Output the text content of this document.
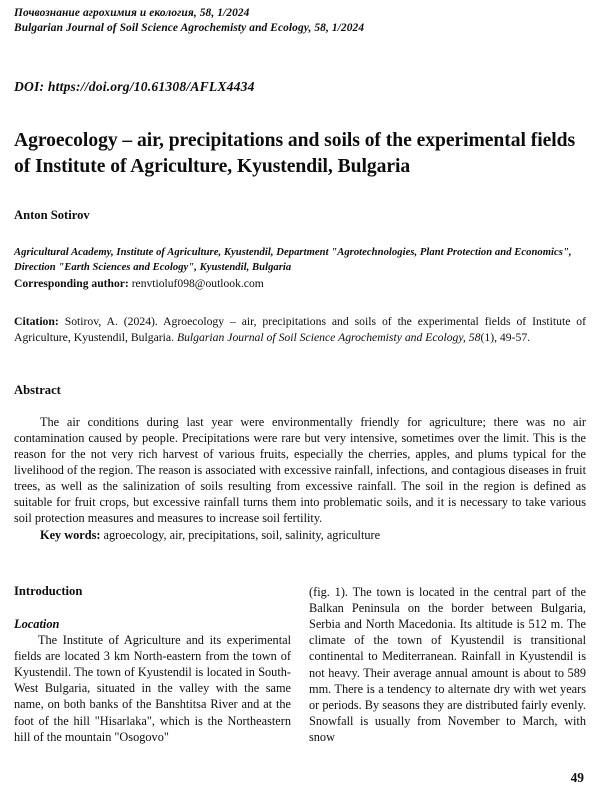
Почвознание агрохимия и екология, 58, 1/2024
Bulgarian Journal of Soil Science Agrochemisty and Ecology, 58, 1/2024
DOI: https://doi.org/10.61308/AFLX4434
Agroecology – air, precipitations and soils of the experimental fields of Institute of Agriculture, Kyustendil, Bulgaria
Anton Sotirov
Agricultural Academy, Institute of Agriculture, Kyustendil, Department "Agrotechnologies, Plant Protection and Economics", Direction "Earth Sciences and Ecology", Kyustendil, Bulgaria
Corresponding author: renvtioluf098@outlook.com
Citation: Sotirov, A. (2024). Agroecology – air, precipitations and soils of the experimental fields of Institute of Agriculture, Kyustendil, Bulgaria. Bulgarian Journal of Soil Science Agrochemisty and Ecology, 58(1), 49-57.
Abstract
The air conditions during last year were environmentally friendly for agriculture; there was no air contamination caused by people. Precipitations were rare but very intensive, sometimes over the limit. This is the reason for the not very rich harvest of various fruits, especially the cherries, apples, and plums typical for the livelihood of the region. The reason is associated with excessive rainfall, infections, and contagious diseases in fruit trees, as well as the salinization of soils resulting from excessive rainfall. The soil in the region is defined as suitable for fruit crops, but excessive rainfall turns them into problematic soils, and it is necessary to take various soil protection measures and measures to increase soil fertility.
Key words: agroecology, air, precipitations, soil, salinity, agriculture
Introduction
Location

The Institute of Agriculture and its experimental fields are located 3 km North-eastern from the town of Kyustendil. The town of Kyustendil is located in South-West Bulgaria, situated in the valley with the same name, on both banks of the Banshtitsa River and at the foot of the hill "Hisarlaka", which is the Northeastern hill of the mountain "Osogovo"

(fig. 1). The town is located in the central part of the Balkan Peninsula on the border between Bulgaria, Serbia and North Macedonia. Its altitude is 512 m. The climate of the town of Kyustendil is transitional continental to Mediterranean. Rainfall in Kyustendil is not heavy. Their average annual amount is about to 589 mm. There is a tendency to alternate dry with wet years or periods. By seasons they are distributed fairly evenly. Snowfall is usually from November to March, with snow

49
